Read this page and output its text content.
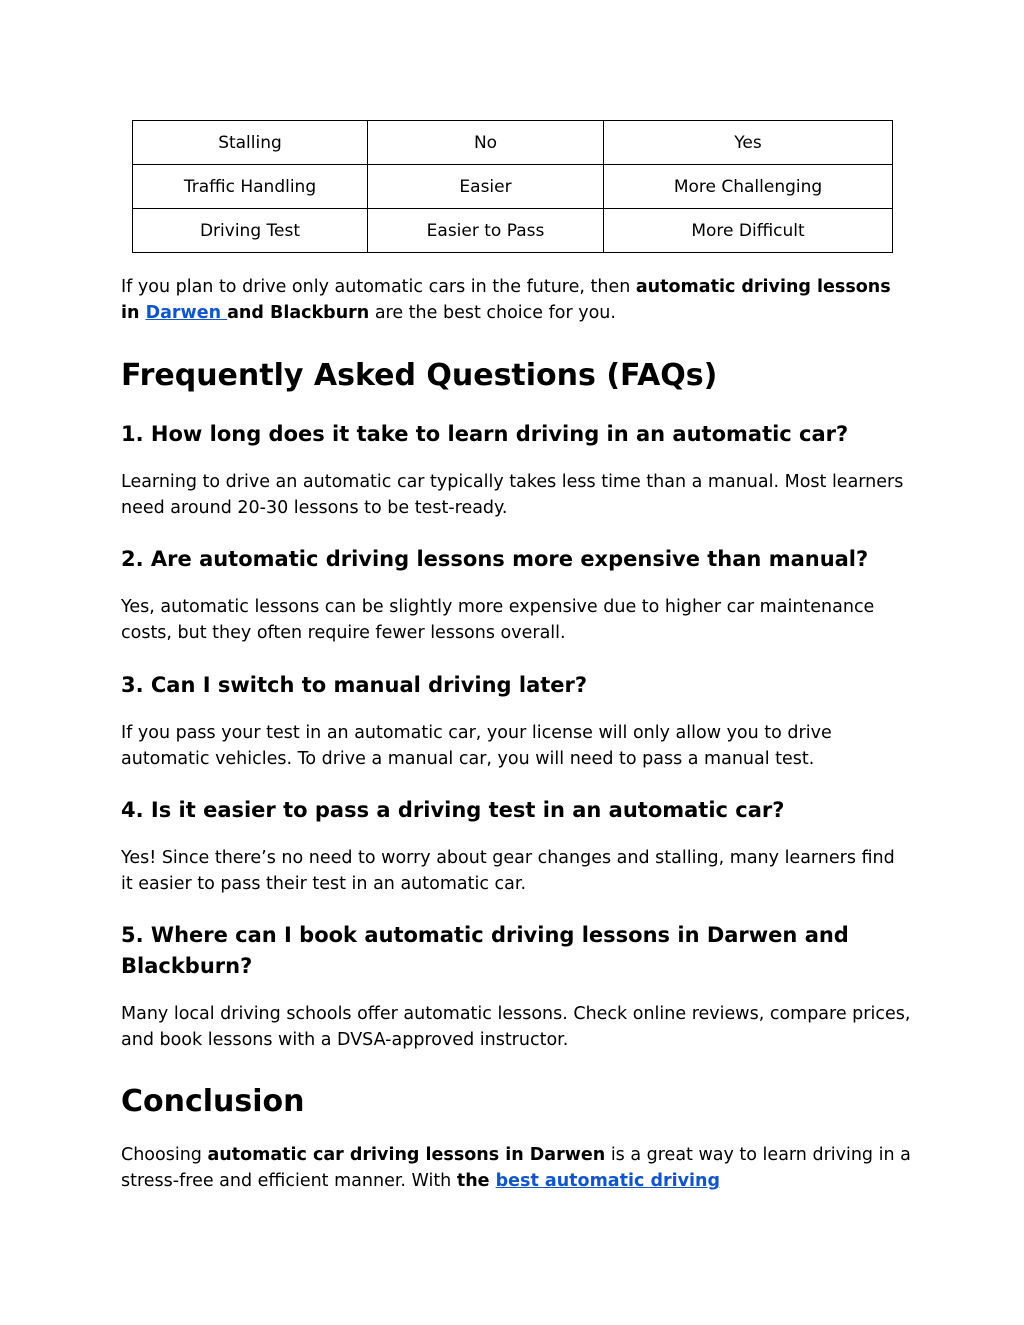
Stalling	No	Yes
Traffic Handling	Easier	More Challenging
Driving Test	Easier to Pass	More Difficult

If you plan to drive only automatic cars in the future, then automatic driving lessons in Darwen and Blackburn are the best choice for you.

Frequently Asked Questions (FAQs)
1. How long does it take to learn driving in an automatic car?

Learning to drive an automatic car typically takes less time than a manual. Most learners need around 20-30 lessons to be test-ready.

2. Are automatic driving lessons more expensive than manual?

Yes, automatic lessons can be slightly more expensive due to higher car maintenance costs, but they often require fewer lessons overall.

3. Can I switch to manual driving later?

If you pass your test in an automatic car, your license will only allow you to drive automatic vehicles. To drive a manual car, you will need to pass a manual test.

4. Is it easier to pass a driving test in an automatic car?

Yes! Since there’s no need to worry about gear changes and stalling, many learners find it easier to pass their test in an automatic car.

5. Where can I book automatic driving lessons in Darwen and Blackburn?

Many local driving schools offer automatic lessons. Check online reviews, compare prices, and book lessons with a DVSA-approved instructor.

Conclusion

Choosing automatic car driving lessons in Darwen is a great way to learn driving in a stress-free and efficient manner. With the best automatic driving
